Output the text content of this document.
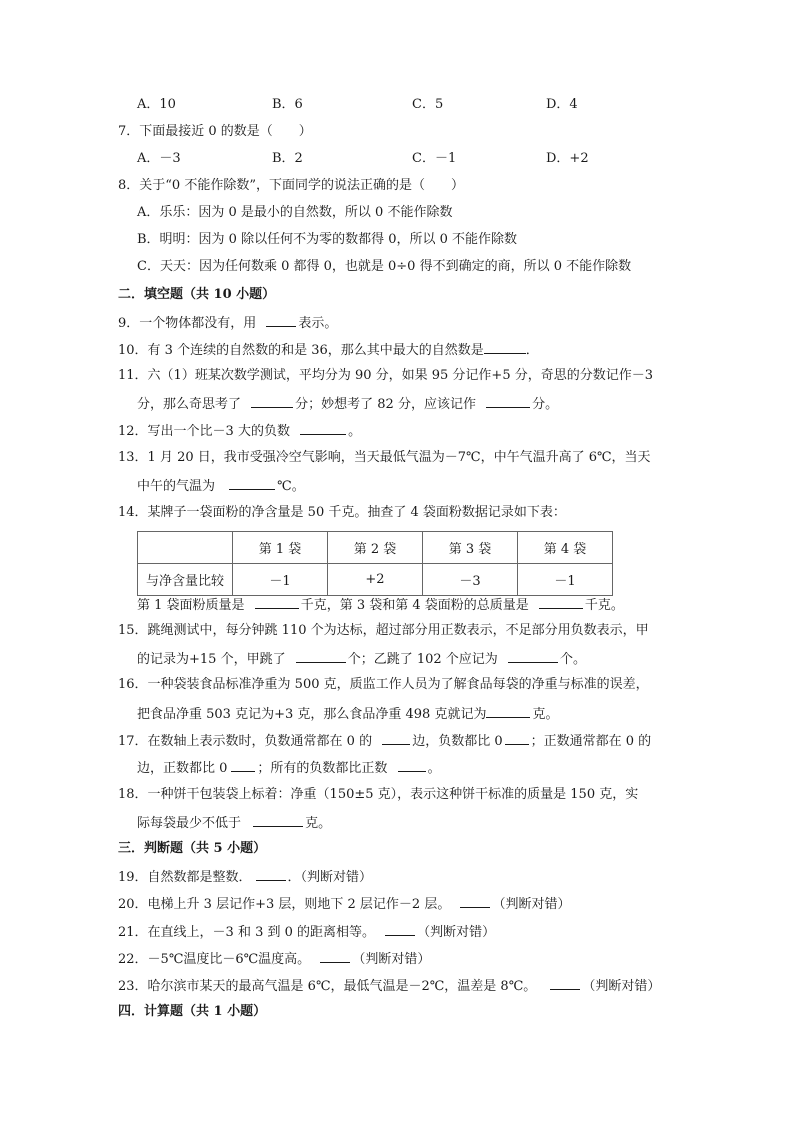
A．10	B．6	C．5	D．4
7．下面最接近 0 的数是（　　）
A．－3	B．2	C．－1	D．+2
8．关于“0 不能作除数”，下面同学的说法正确的是（　　）
A．乐乐：因为 0 是最小的自然数，所以 0 不能作除数
B．明明：因为 0 除以任何不为零的数都得 0，所以 0 不能作除数
C．天天：因为任何数乘 0 都得 0，也就是 0÷0 得不到确定的商，所以 0 不能作除数
二．填空题（共 10 小题）
9．一个物体都没有，用	表示。
10．有 3 个连续的自然数的和是 36，那么其中最大的自然数是	．
11．六（1）班某次数学测试，平均分为 90 分，如果 95 分记作+5 分，奇思的分数记作－3
分，那么奇思考了	分；妙想考了 82 分，应该记作	分。
12．写出一个比－3 大的负数	。
13．1 月 20 日，我市受强冷空气影响，当天最低气温为－7℃，中午气温升高了 6℃，当天
中午的气温为	℃。
14．某牌子一袋面粉的净含量是 50 千克。抽查了 4 袋面粉数据记录如下表：
	第 1 袋	第 2 袋	第 3 袋	第 4 袋
与净含量比较	－1	+2	－3	－1
第 1 袋面粉质量是	千克，第 3 袋和第 4 袋面粉的总质量是	千克。
15．跳绳测试中，每分钟跳 110 个为达标，超过部分用正数表示，不足部分用负数表示，甲
的记录为+15 个，甲跳了	个；乙跳了 102 个应记为	个。
16．一种袋装食品标准净重为 500 克，质监工作人员为了解食品每袋的净重与标准的误差，
把食品净重 503 克记为+3 克，那么食品净重 498 克就记为	克。
17．在数轴上表示数时，负数通常都在 0 的	边，负数都比 0 ；正数通常都在 0 的
边，正数都比 0 ；所有的负数都比正数	。
18．一种饼干包装袋上标着：净重（150±5 克），表示这种饼干标准的质量是 150 克，实
际每袋最少不低于	克。
三．判断题（共 5 小题）
19．自然数都是整数．	．（判断对错）
20．电梯上升 3 层记作+3 层，则地下 2 层记作－2 层。	（判断对错）
21．在直线上，－3 和 3 到 0 的距离相等。	（判断对错）
22．－5℃温度比－6℃温度高。	（判断对错）
23．哈尔滨市某天的最高气温是 6℃，最低气温是－2℃，温差是 8℃。	（判断对错）
四．计算题（共 1 小题）
